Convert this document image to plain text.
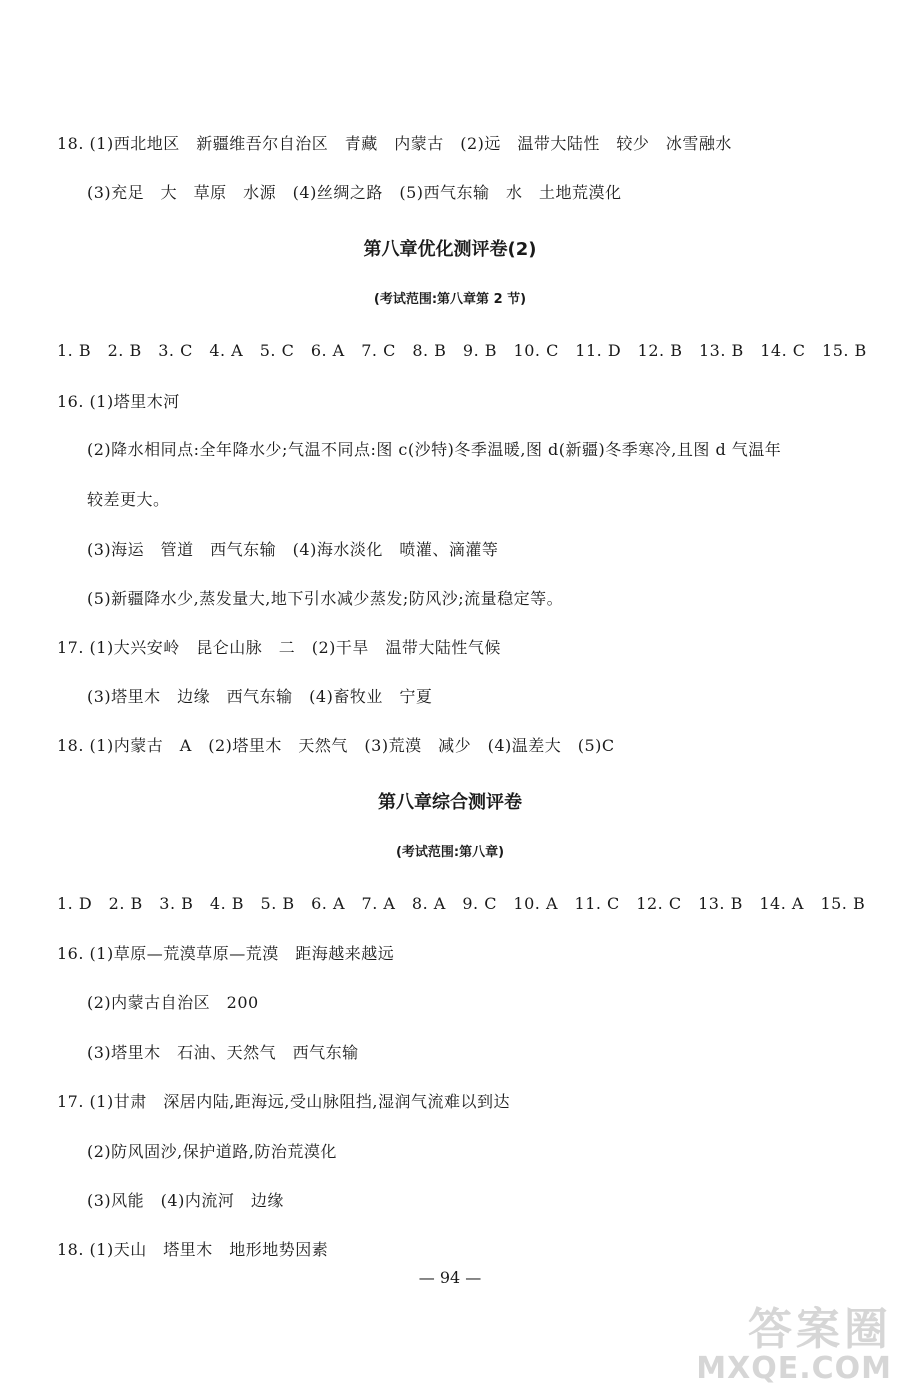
18. (1)西北地区　新疆维吾尔自治区　青藏　内蒙古　(2)远　温带大陆性　较少　冰雪融水
(3)充足　大　草原　水源　(4)丝绸之路　(5)西气东输　水　土地荒漠化
第八章优化测评卷(2)
(考试范围:第八章第 2 节)
1. B　2. B　3. C　4. A　5. C　6. A　7. C　8. B　9. B　10. C　11. D　12. B　13. B　14. C　15. B
16. (1)塔里木河
(2)降水相同点:全年降水少;气温不同点:图 c(沙特)冬季温暖,图 d(新疆)冬季寒冷,且图 d 气温年
较差更大。
(3)海运　管道　西气东输　(4)海水淡化　喷灌、滴灌等
(5)新疆降水少,蒸发量大,地下引水减少蒸发;防风沙;流量稳定等。
17. (1)大兴安岭　昆仑山脉　二　(2)干旱　温带大陆性气候
(3)塔里木　边缘　西气东输　(4)畜牧业　宁夏
18. (1)内蒙古　A　(2)塔里木　天然气　(3)荒漠　减少　(4)温差大　(5)C
第八章综合测评卷
(考试范围:第八章)
1. D　2. B　3. B　4. B　5. B　6. A　7. A　8. A　9. C　10. A　11. C　12. C　13. B　14. A　15. B
16. (1)草原—荒漠草原—荒漠　距海越来越远
(2)内蒙古自治区　200
(3)塔里木　石油、天然气　西气东输
17. (1)甘肃　深居内陆,距海远,受山脉阻挡,湿润气流难以到达
(2)防风固沙,保护道路,防治荒漠化
(3)风能　(4)内流河　边缘
18. (1)天山　塔里木　地形地势因素
— 94 —
答案圈
MXQE.COM
